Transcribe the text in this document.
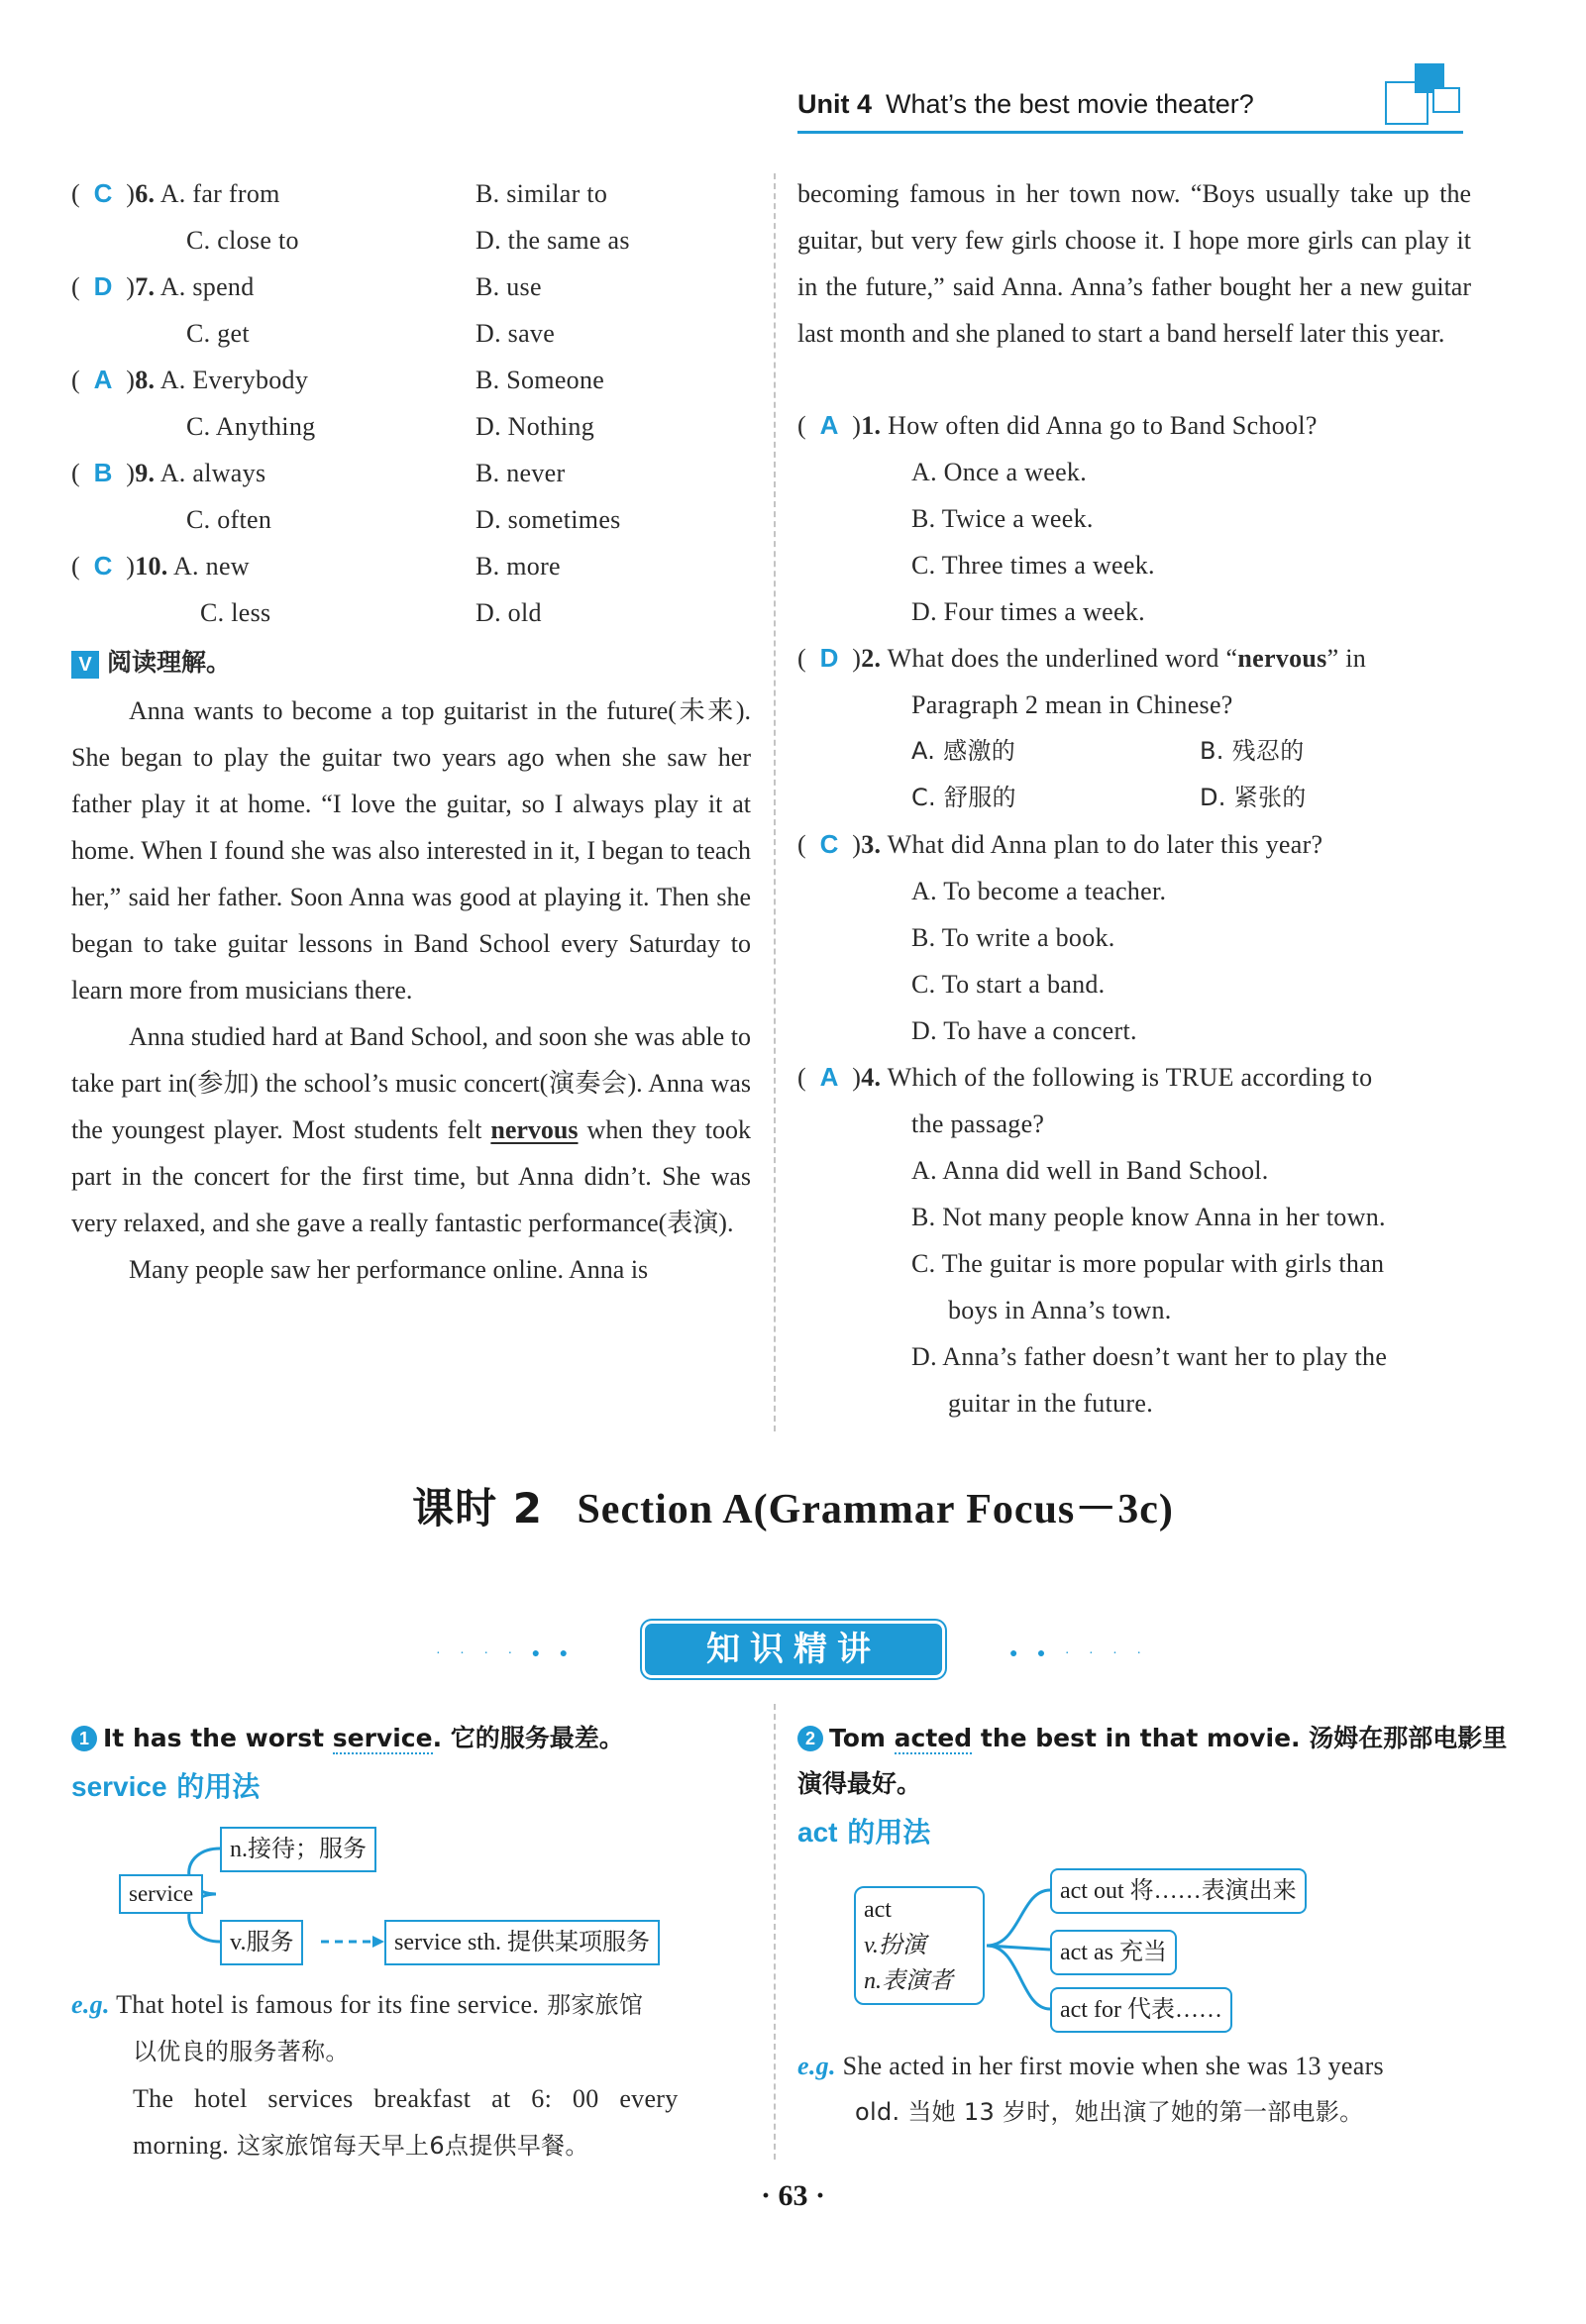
Unit 4 What’s the best movie theater?
(  C  )6. A. far from	B. similar to
C. close to	D. the same as
(  D  )7. A. spend	B. use
C. get	D. save
(  A  )8. A. Everybody	B. Someone
C. Anything	D. Nothing
(  B  )9. A. always	B. never
C. often	D. sometimes
(  C  )10. A. new	B. more
C. less	D. old
V 阅读理解。
Anna wants to become a top guitarist in the future(未来). She began to play the guitar two years ago when she saw her father play it at home. “I love the guitar, so I always play it at home. When I found she was also interested in it, I began to teach her,” said her father. Soon Anna was good at playing it. Then she began to take guitar lessons in Band School every Saturday to learn more from musicians there.
Anna studied hard at Band School, and soon she was able to take part in(参加) the school’s music concert(演奏会). Anna was the youngest player. Most students felt nervous when they took part in the concert for the first time, but Anna didn’t. She was very relaxed, and she gave a really fantastic performance(表演).
Many people saw her performance online. Anna is
becoming famous in her town now. “Boys usually take up the guitar, but very few girls choose it. I hope more girls can play it in the future,” said Anna. Anna’s father bought her a new guitar last month and she planed to start a band herself later this year.
(  A  )1. How often did Anna go to Band School?
A. Once a week.
B. Twice a week.
C. Three times a week.
D. Four times a week.
(  D  )2. What does the underlined word “nervous” in
Paragraph 2 mean in Chinese?
A. 感激的	B. 残忍的
C. 舒服的	D. 紧张的
(  C  )3. What did Anna plan to do later this year?
A. To become a teacher.
B. To write a book.
C. To start a band.
D. To have a concert.
(  A  )4. Which of the following is TRUE according to
the passage?
A. Anna did well in Band School.
B. Not many people know Anna in her town.
C. The guitar is more popular with girls than
boys in Anna’s town.
D. Anna’s father doesn’t want her to play the
guitar in the future.
课时 2 Section A(Grammar Focus－3c)
· · · · ● ●	知识精讲	● ● · · · ·
1 It has the worst service. 它的服务最差。
service 的用法
service
n.接待；服务
v.服务	service sth. 提供某项服务
e.g. That hotel is famous for its fine service. 那家旅馆
以优良的服务著称。
The hotel services breakfast at 6: 00 every
morning. 这家旅馆每天早上6点提供早餐。
2 Tom acted the best in that movie. 汤姆在那部电影里
演得最好。
act 的用法
act
v.扮演
n.表演者
act out 将……表演出来
act as 充当
act for 代表……
e.g. She acted in her first movie when she was 13 years
old. 当她 13 岁时，她出演了她的第一部电影。
· 63 ·
